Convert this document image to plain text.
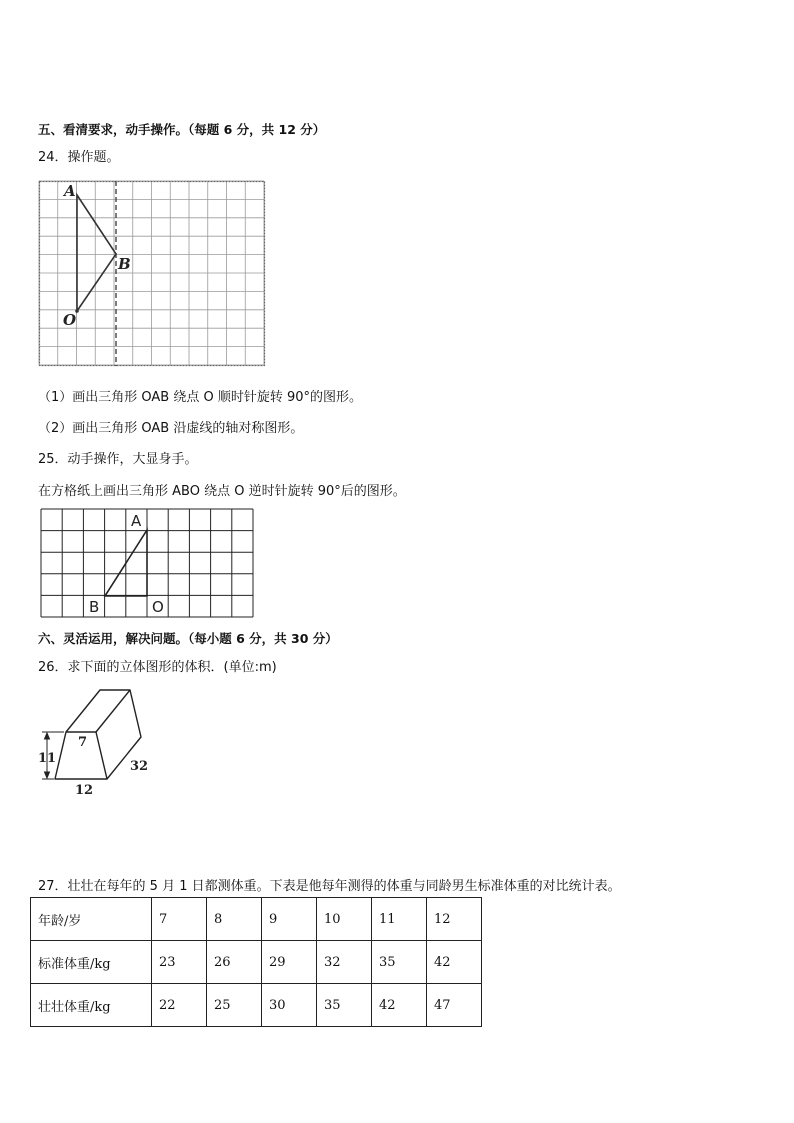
五、看清要求，动手操作。（每题 6 分，共 12 分）
24．操作题。
A
B
O
（1）画出三角形 OAB 绕点 O 顺时针旋转 90°的图形。
（2）画出三角形 OAB 沿虚线的轴对称图形。
25．动手操作，大显身手。
在方格纸上画出三角形 ABO 绕点 O 逆时针旋转 90°后的图形。
A
B	O
六、灵活运用，解决问题。（每小题 6 分，共 30 分）
26．求下面的立体图形的体积．(单位:m)
7
11
32
12
27．壮壮在每年的 5 月 1 日都测体重。下表是他每年测得的体重与同龄男生标准体重的对比统计表。
年龄/岁	7	8	9	10	11	12
标准体重/kg	23	26	29	32	35	42
壮壮体重/kg	22	25	30	35	42	47
